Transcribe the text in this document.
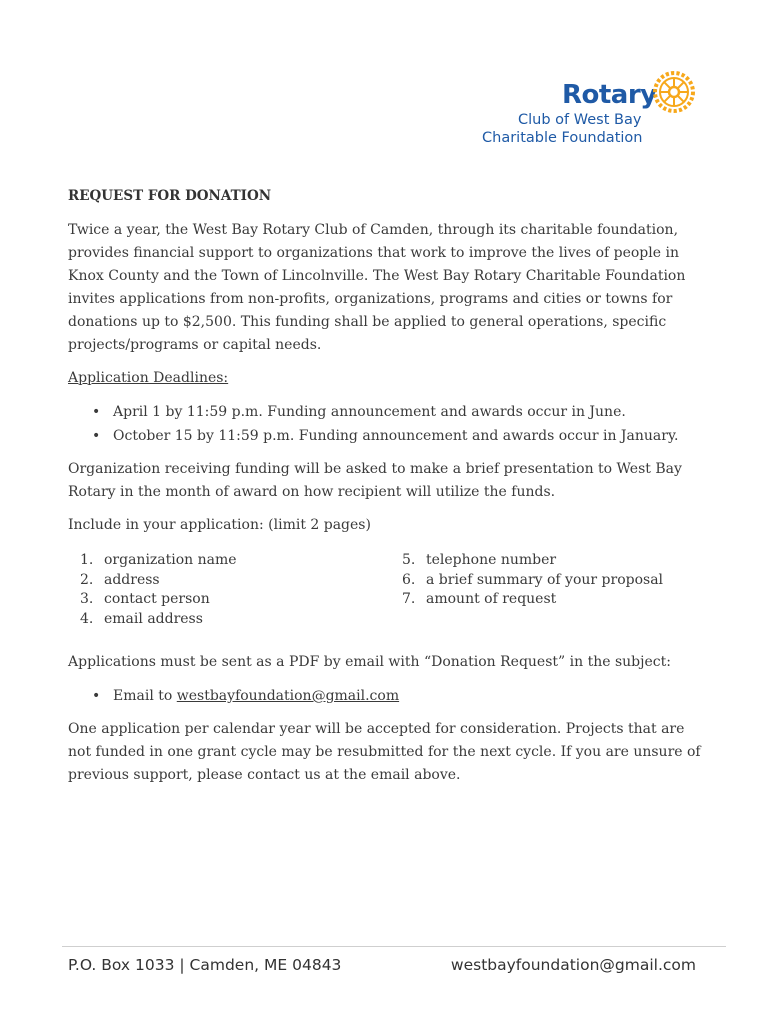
Rotary
Club of West Bay
Charitable Foundation
REQUEST FOR DONATION

Twice a year, the West Bay Rotary Club of Camden, through its charitable foundation, provides financial support to organizations that work to improve the lives of people in Knox County and the Town of Lincolnville. The West Bay Rotary Charitable Foundation invites applications from non-profits, organizations, programs and cities or towns for donations up to $2,500. This funding shall be applied to general operations, specific projects/programs or capital needs.

Application Deadlines:

• April 1 by 11:59 p.m. Funding announcement and awards occur in June.
• October 15 by 11:59 p.m. Funding announcement and awards occur in January.

Organization receiving funding will be asked to make a brief presentation to West Bay Rotary in the month of award on how recipient will utilize the funds.

Include in your application: (limit 2 pages)

1. organization name
2. address
3. contact person
4. email address
5. telephone number
6. a brief summary of your proposal
7. amount of request

Applications must be sent as a PDF by email with “Donation Request” in the subject:

• Email to westbayfoundation@gmail.com

One application per calendar year will be accepted for consideration. Projects that are not funded in one grant cycle may be resubmitted for the next cycle. If you are unsure of previous support, please contact us at the email above.

P.O. Box 1033 | Camden, ME 04843	westbayfoundation@gmail.com
